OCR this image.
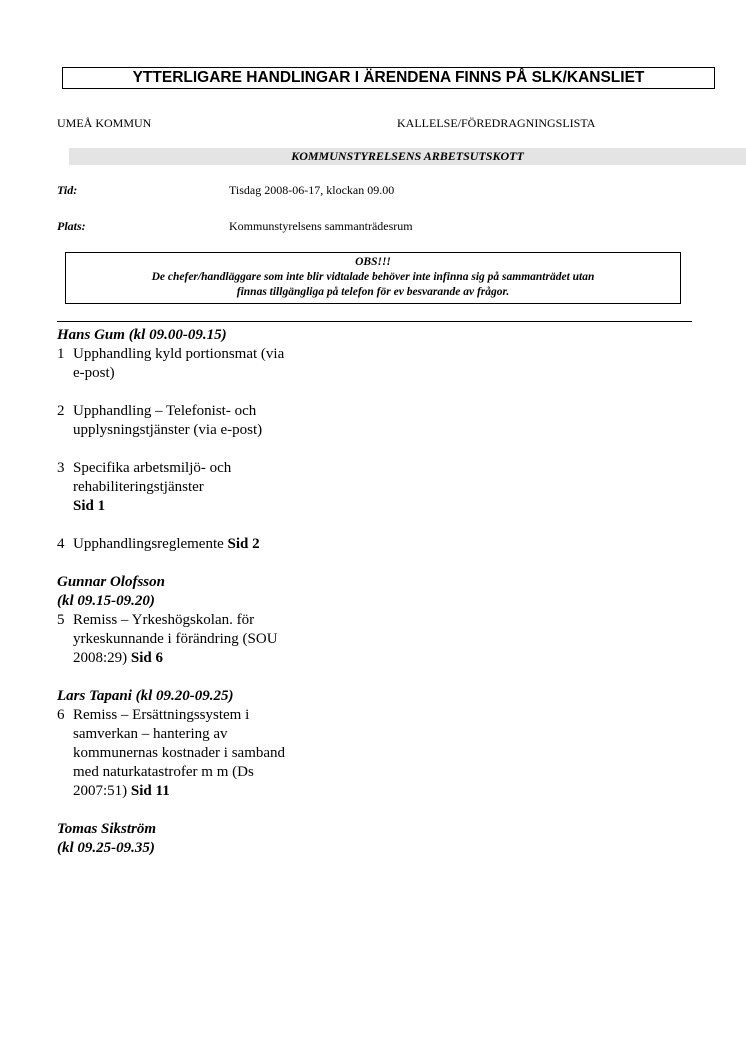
YTTERLIGARE HANDLINGAR I ÄRENDENA FINNS PÅ SLK/KANSLIET
UMEÅ KOMMUN	KALLELSE/FÖREDRAGNINGSLISTA
KOMMUNSTYRELSENS ARBETSUTSKOTT
Tid:	Tisdag 2008-06-17, klockan 09.00
Plats:	Kommunstyrelsens sammanträdesrum
OBS!!!
De chefer/handläggare som inte blir vidtalade behöver inte infinna sig på sammanträdet utan
finnas tillgängliga på telefon för ev besvarande av frågor.
Hans Gum (kl 09.00-09.15)
1 Upphandling kyld portionsmat (via e-post)
2 Upphandling – Telefonist- och upplysningstjänster (via e-post)
3 Specifika arbetsmiljö- och rehabiliteringstjänster
Sid 1
4 Upphandlingsreglemente Sid 2
Gunnar Olofsson
(kl 09.15-09.20)
5 Remiss – Yrkeshögskolan. för yrkeskunnande i förändring (SOU 2008:29) Sid 6
Lars Tapani (kl 09.20-09.25)
6 Remiss – Ersättningssystem i samverkan – hantering av kommunernas kostnader i samband med naturkatastrofer m m (Ds 2007:51) Sid 11
Tomas Sikström
(kl 09.25-09.35)
